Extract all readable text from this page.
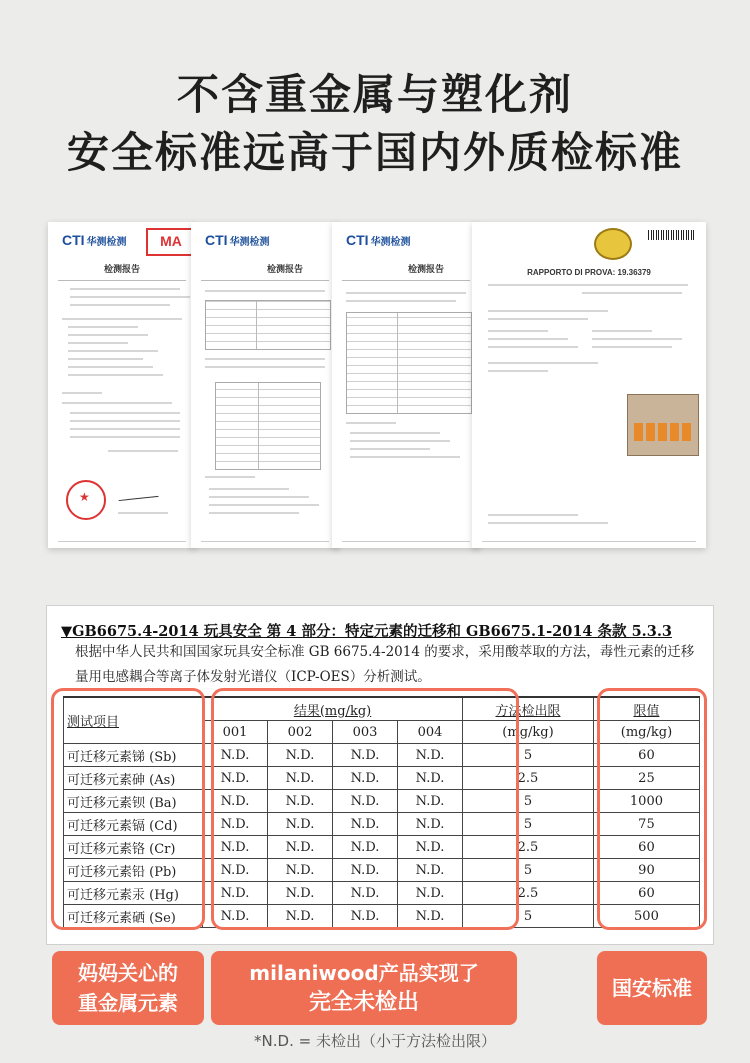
不含重金属与塑化剂
安全标准远高于国内外质检标准
CTI 华测检测	MA
检测报告
★
CTI 华测检测
检测报告
CTI 华测检测
检测报告	RAPPORTO DI PROVA: 19.36379
▼GB6675.4-2014 玩具安全 第 4 部分：特定元素的迁移和 GB6675.1-2014 条款 5.3.3
根据中华人民共和国国家玩具安全标准 GB 6675.4-2014 的要求，采用酸萃取的方法，毒性元素的迁移量用电感耦合等离子体发射光谱仪（ICP-OES）分析测试。
测试项目	结果(mg/kg)				方法检出限	限值
	001	002	003	004	(mg/kg)	(mg/kg)
可迁移元素锑 (Sb)	N.D.	N.D.	N.D.	N.D.	5	60
可迁移元素砷 (As)	N.D.	N.D.	N.D.	N.D.	2.5	25
可迁移元素钡 (Ba)	N.D.	N.D.	N.D.	N.D.	5	1000
可迁移元素镉 (Cd)	N.D.	N.D.	N.D.	N.D.	5	75
可迁移元素铬 (Cr)	N.D.	N.D.	N.D.	N.D.	2.5	60
可迁移元素铅 (Pb)	N.D.	N.D.	N.D.	N.D.	5	90
可迁移元素汞 (Hg)	N.D.	N.D.	N.D.	N.D.	2.5	60
可迁移元素硒 (Se)	N.D.	N.D.	N.D.	N.D.	5	500
妈妈关心的
重金属元素
milaniwood产品实现了
完全未检出
国安标准
*N.D. = 未检出（小于方法检出限）
